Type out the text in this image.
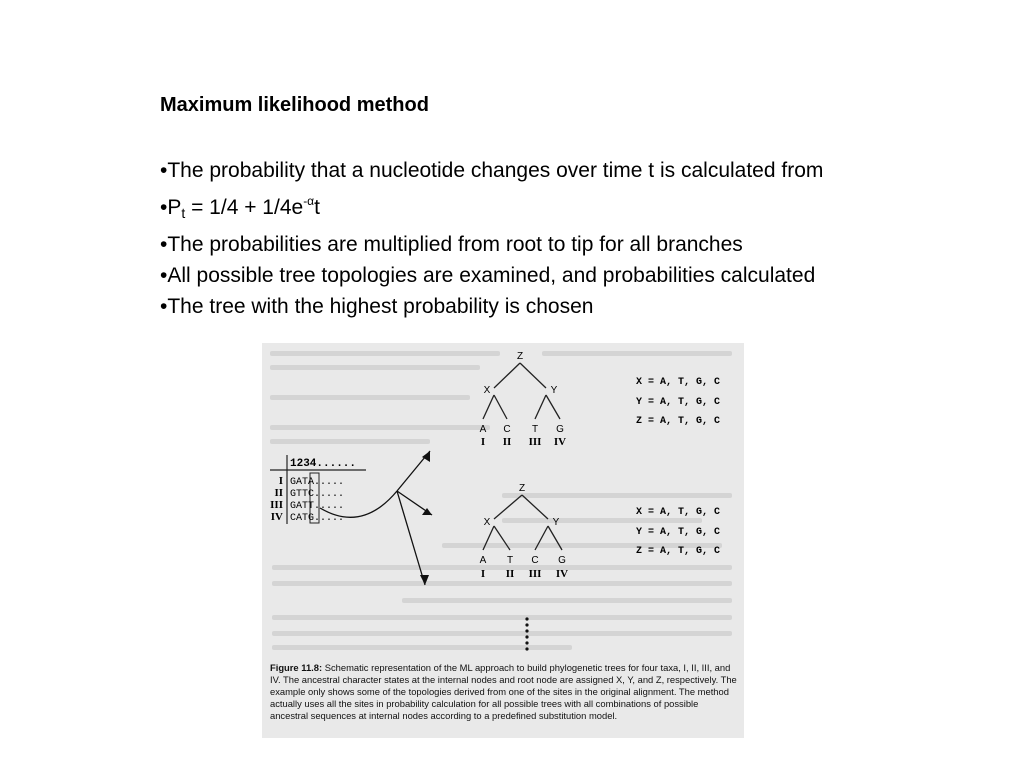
Maximum likelihood method
•The probability that a nucleotide changes over time t is calculated from
$•P_t = 1/4 + 1/4e^{-\alpha}t$
•The probabilities are multiplied from root to tip for all branches
•All possible tree topologies are examined, and probabilities calculated
•The tree with the highest probability is chosen
1234......
I GATA.....
II GTTC.....
III GATT.....
IV CATG.....
Z
X	Y
A C T G
I II III IV
X = A, T, G, C
Y = A, T, G, C
Z = A, T, G, C
Z
X	Y
A T C G
I II III IV
X = A, T, G, C
Y = A, T, G, C
Z = A, T, G, C
Figure 11.8: Schematic representation of the ML approach to build phylogenetic trees for four taxa, I, II, III, and IV. The ancestral character states at the internal nodes and root node are assigned X, Y, and Z, respectively. The example only shows some of the topologies derived from one of the sites in the original alignment. The method actually uses all the sites in probability calculation for all possible trees with all combinations of possible ancestral sequences at internal nodes according to a predefined substitution model.
